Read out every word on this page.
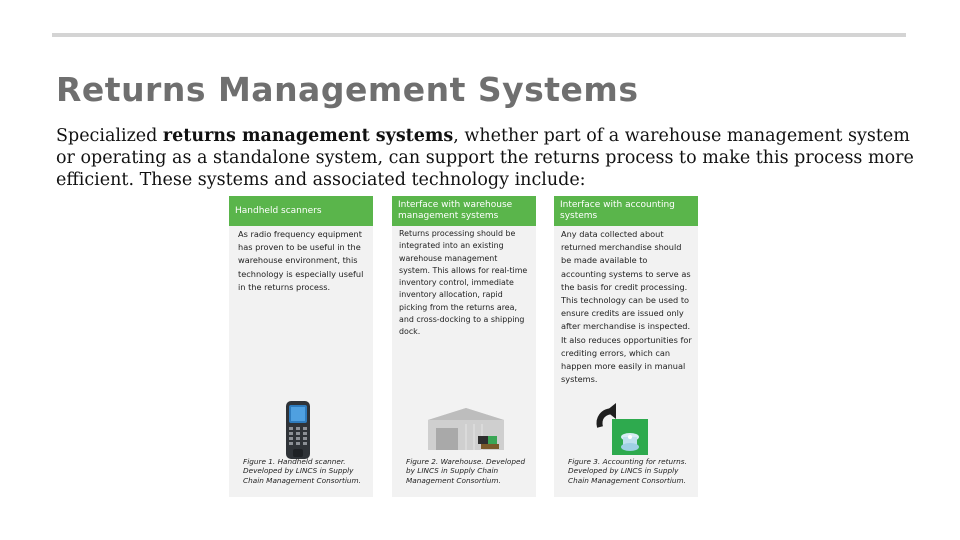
Returns Management Systems

Specialized returns management systems, whether part of a warehouse management system or operating as a standalone system, can support the returns process to make this process more efficient. These systems and associated technology include:

Handheld scanners
As radio frequency equipment has proven to be useful in the warehouse environment, this technology is especially useful in the returns process.
Figure 1. Handheld scanner. Developed by LINCS in Supply Chain Management Consortium.
Interface with warehouse management systems
Returns processing should be integrated into an existing warehouse management system. This allows for real-time inventory control, immediate inventory allocation, rapid picking from the returns area, and cross-docking to a shipping dock.
Figure 2. Warehouse. Developed by LINCS in Supply Chain Management Consortium.
Interface with accounting systems
Any data collected about returned merchandise should be made available to accounting systems to serve as the basis for credit processing. This technology can be used to ensure credits are issued only after merchandise is inspected. It also reduces opportunities for crediting errors, which can happen more easily in manual systems.
Figure 3. Accounting for returns. Developed by LINCS in Supply Chain Management Consortium.
